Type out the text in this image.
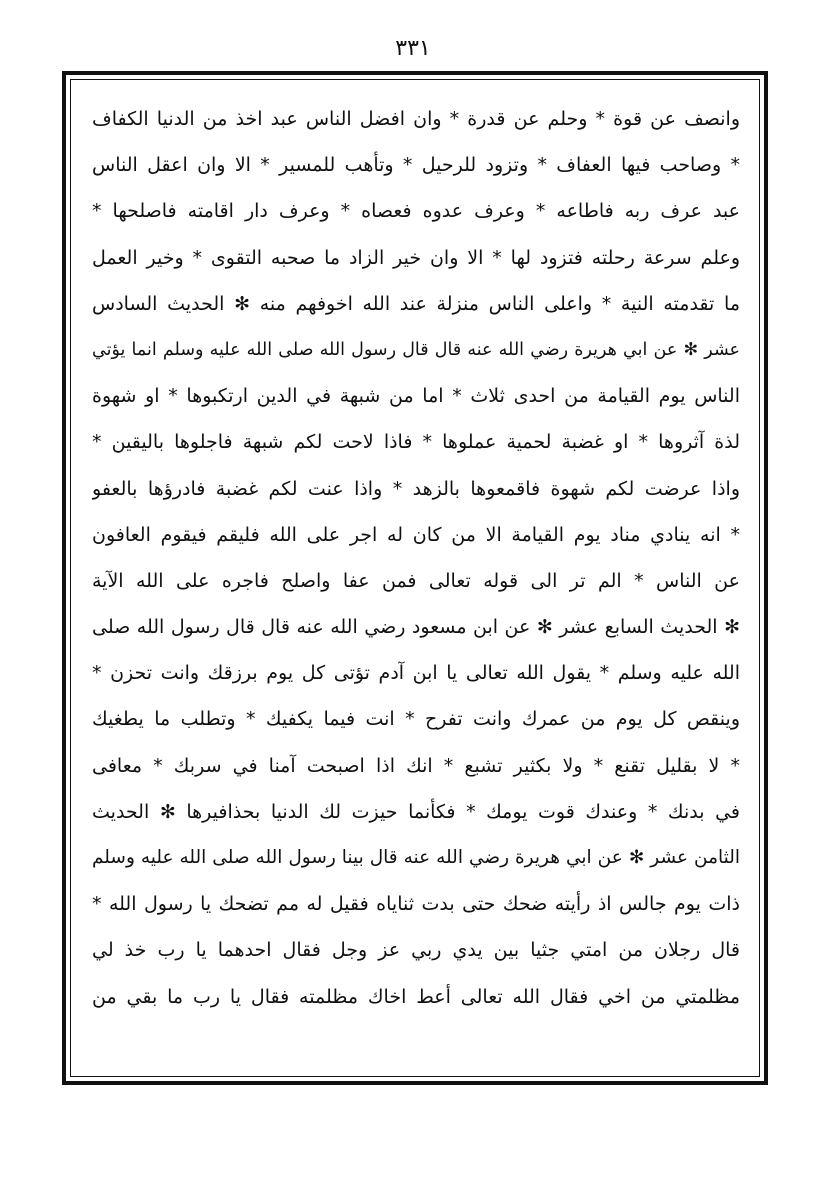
٣٣١
وانصف عن قوة * وحلم عن قدرة * وان افضل الناس عبد اخذ من الدنيا الكفاف
* وصاحب فيها العفاف * وتزود للرحيل * وتأهب للمسير * الا وان اعقل الناس
عبد عرف ربه فاطاعه * وعرف عدوه فعصاه * وعرف دار اقامته فاصلحها *
وعلم سرعة رحلته فتزود لها * الا وان خير الزاد ما صحبه التقوى * وخير العمل
ما تقدمته النية * واعلى الناس منزلة عند الله اخوفهم منه ✻ الحديث السادس
عشر ✻ عن ابي هريرة رضي الله عنه قال قال رسول الله صلى الله عليه وسلم انما يؤتي
الناس يوم القيامة من احدى ثلاث * اما من شبهة في الدين ارتكبوها * او شهوة
لذة آثروها * او غضبة لحمية عملوها * فاذا لاحت لكم شبهة فاجلوها باليقين *
واذا عرضت لكم شهوة فاقمعوها بالزهد * واذا عنت لكم غضبة فادرؤها بالعفو
* انه ينادي مناد يوم القيامة الا من كان له اجر على الله فليقم فيقوم العافون
عن الناس * الم تر الى قوله تعالى فمن عفا واصلح فاجره على الله الآية
✻ الحديث السابع عشر ✻ عن ابن مسعود رضي الله عنه قال قال رسول الله صلى
الله عليه وسلم * يقول الله تعالى يا ابن آدم تؤتى كل يوم برزقك وانت تحزن *
وينقص كل يوم من عمرك وانت تفرح * انت فيما يكفيك * وتطلب ما يطغيك
* لا بقليل تقنع * ولا بكثير تشبع * انك اذا اصبحت آمنا في سربك * معافى
في بدنك * وعندك قوت يومك * فكأنما حيزت لك الدنيا بحذافيرها ✻ الحديث
الثامن عشر ✻ عن ابي هريرة رضي الله عنه قال بينا رسول الله صلى الله عليه وسلم
ذات يوم جالس اذ رأيته ضحك حتى بدت ثناياه فقيل له مم تضحك يا رسول الله *
قال رجلان من امتي جثيا بين يدي ربي عز وجل فقال احدهما يا رب خذ لي
مظلمتي من اخي فقال الله تعالى أعط اخاك مظلمته فقال يا رب ما بقي من
